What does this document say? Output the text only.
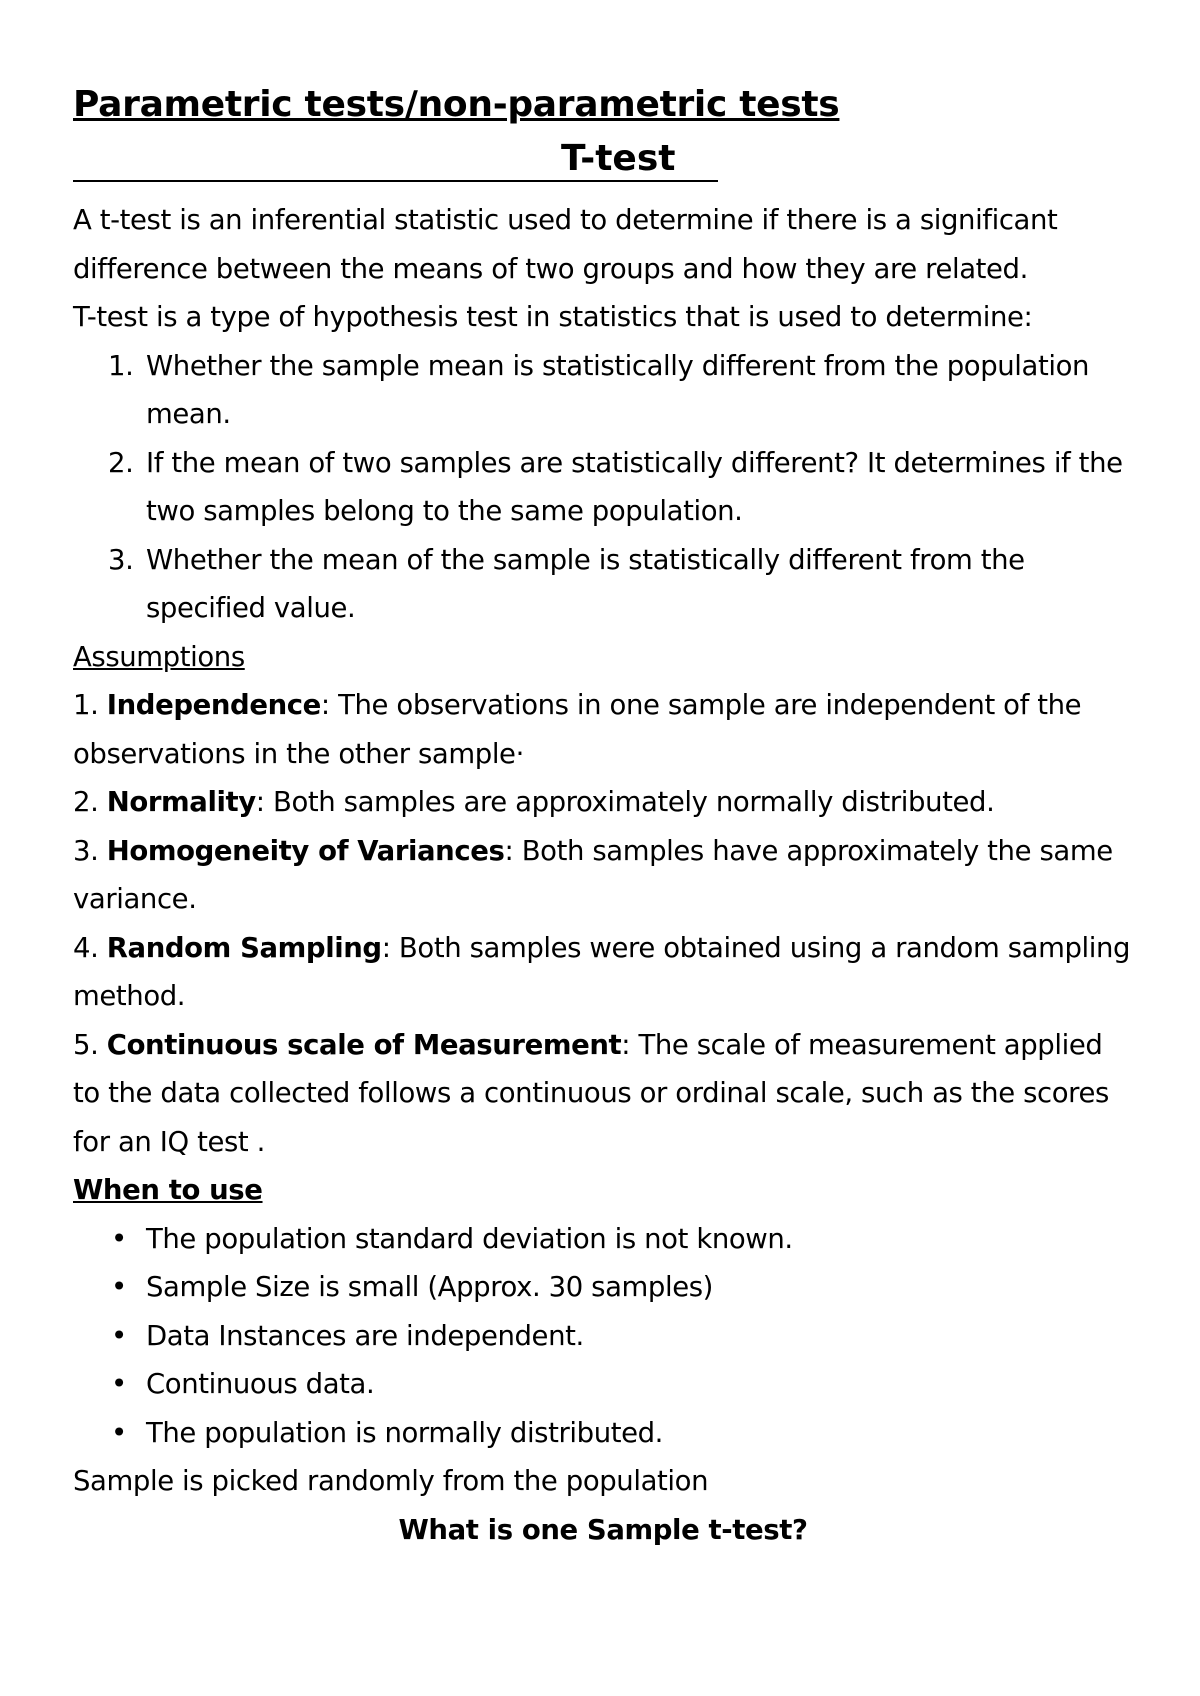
Parametric tests/non-parametric tests
T-test

A t-test is an inferential statistic used to determine if there is a significant difference between the means of two groups and how they are related.

T-test is a type of hypothesis test in statistics that is used to determine:

1. Whether the sample mean is statistically different from the population mean.
2. If the mean of two samples are statistically different? It determines if the two samples belong to the same population.
3. Whether the mean of the sample is statistically different from the specified value.

Assumptions

1. Independence: The observations in one sample are independent of the observations in the other sample·

2. Normality: Both samples are approximately normally distributed.

3. Homogeneity of Variances: Both samples have approximately the same variance.

4. Random Sampling: Both samples were obtained using a random sampling method.

5. Continuous scale of Measurement: The scale of measurement applied to the data collected follows a continuous or ordinal scale, such as the scores for an IQ test .

When to use

• The population standard deviation is not known.
• Sample Size is small (Approx. 30 samples)
• Data Instances are independent.
• Continuous data.
• The population is normally distributed.

Sample is picked randomly from the population

What is one Sample t-test?
